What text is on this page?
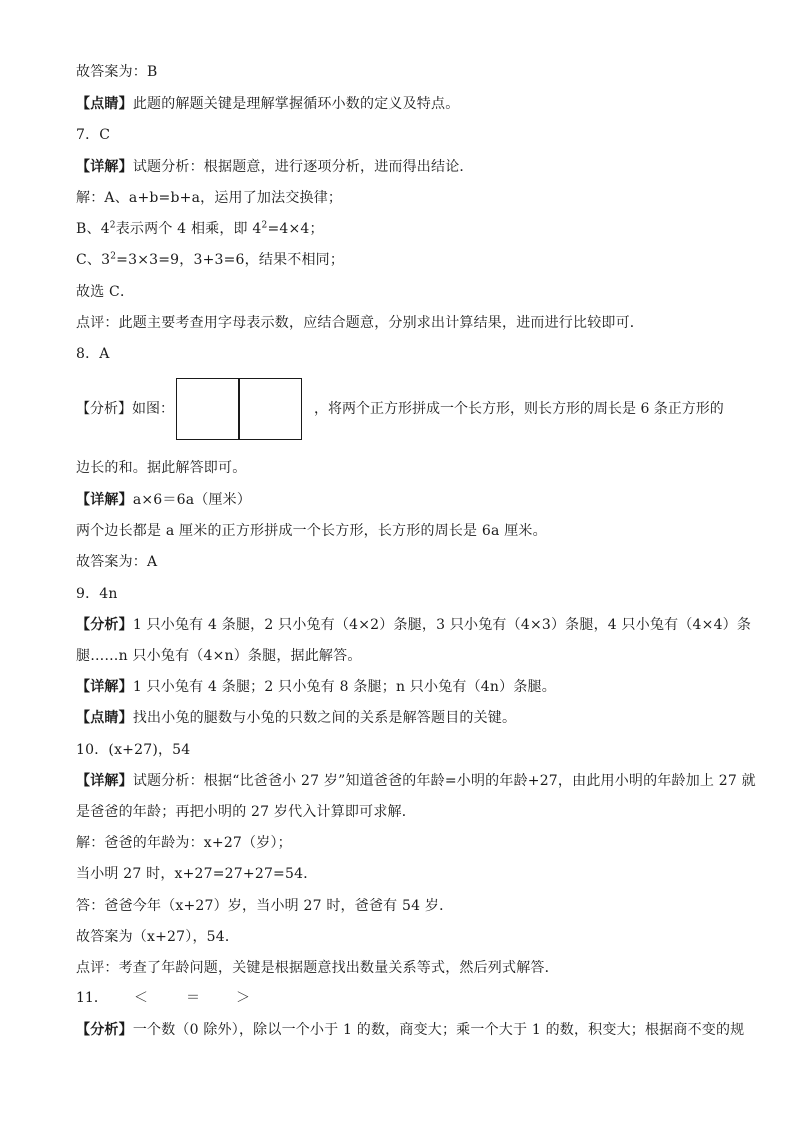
故答案为：B
【点睛】此题的解题关键是理解掌握循环小数的定义及特点。
7．C
【详解】试题分析：根据题意，进行逐项分析，进而得出结论．
解：A、a+b=b+a，运用了加法交换律；
B、$4^2$表示两个 4 相乘，即 $4^2=4\times 4$；
C、$3^2=3\times 3=9$，3+3=6，结果不相同；
故选 C．
点评：此题主要考查用字母表示数，应结合题意，分别求出计算结果，进而进行比较即可．
8．A
【分析】如图：	，将两个正方形拼成一个长方形，则长方形的周长是 6 条正方形的
边长的和。据此解答即可。
【详解】a×6＝6a（厘米）
两个边长都是 a 厘米的正方形拼成一个长方形，长方形的周长是 6a 厘米。
故答案为：A
9．4n
【分析】1 只小兔有 4 条腿，2 只小兔有（4×2）条腿，3 只小兔有（4×3）条腿，4 只小兔有（4×4）条
腿……n 只小兔有（4×n）条腿，据此解答。
【详解】1 只小兔有 4 条腿；2 只小兔有 8 条腿；n 只小兔有（4n）条腿。
【点睛】找出小兔的腿数与小兔的只数之间的关系是解答题目的关键。
10．(x+27)，54
【详解】试题分析：根据“比爸爸小 27 岁”知道爸爸的年龄=小明的年龄+27，由此用小明的年龄加上 27 就
是爸爸的年龄；再把小明的 27 岁代入计算即可求解．
解：爸爸的年龄为：x+27（岁）；
当小明 27 时，x+27=27+27=54．
答：爸爸今年（x+27）岁，当小明 27 时，爸爸有 54 岁．
故答案为（x+27），54．
点评：考查了年龄问题，关键是根据题意找出数量关系等式，然后列式解答．
11． ＜	＝	＞
【分析】一个数（0 除外），除以一个小于 1 的数，商变大；乘一个大于 1 的数，积变大；根据商不变的规
